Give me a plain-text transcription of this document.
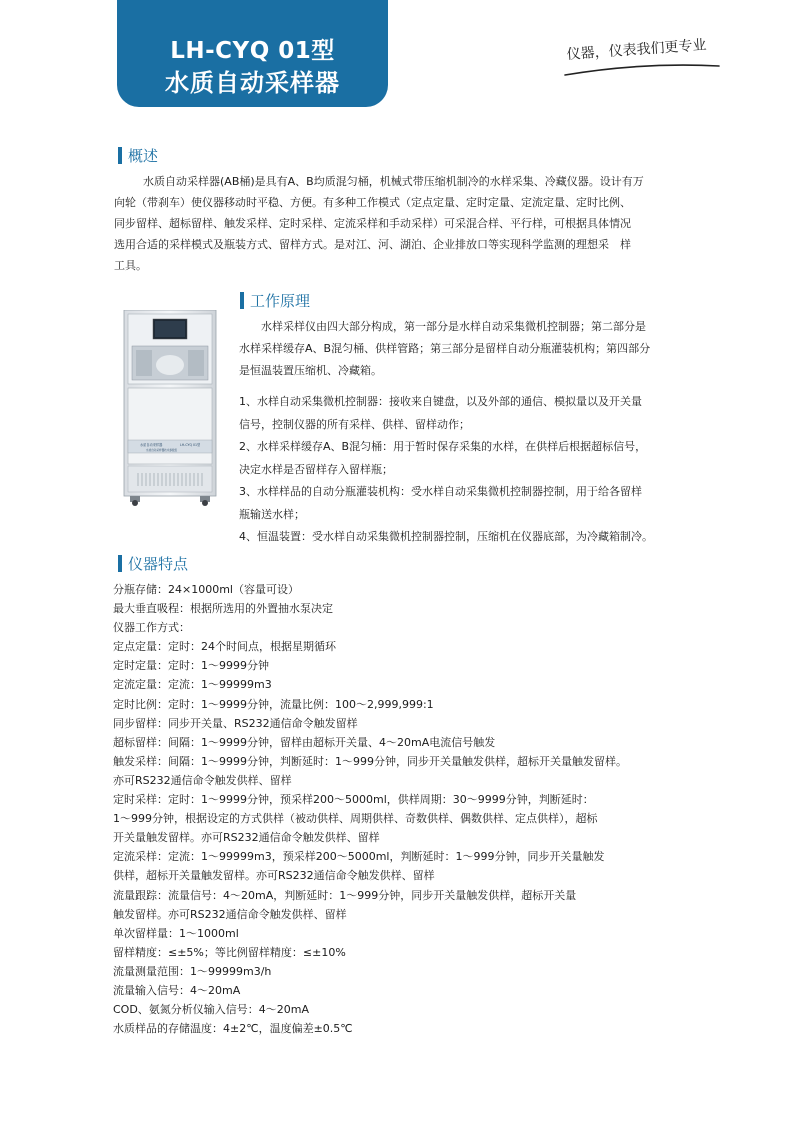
LH-CYQ 01型
水质自动采样器
仪器，仪表我们更专业
概述

水质自动采样器(AB桶)是具有A、B均质混匀桶，机械式带压缩机制冷的水样采集、冷藏仪器。设计有万
向轮（带刹车）使仪器移动时平稳、方便。有多种工作模式（定点定量、定时定量、定流定量、定时比例、
同步留样、超标留样、触发采样、定时采样、定流采样和手动采样）可采混合样、平行样，可根据具体情况
选用合适的采样模式及瓶装方式、留样方式。是对江、河、湖泊、企业排放口等实现科学监测的理想采　样
工具。

水质自动采样器	LH-CYQ 01型
水质自动采样器技术参数表
工作原理

水样采样仪由四大部分构成，第一部分是水样自动采集微机控制器；第二部分是
水样采样缓存A、B混匀桶、供样管路；第三部分是留样自动分瓶灌装机构；第四部分
是恒温装置压缩机、冷藏箱。

1、水样自动采集微机控制器：接收来自键盘，以及外部的通信、模拟量以及开关量
信号，控制仪器的所有采样、供样、留样动作；
2、水样采样缓存A、B混匀桶：用于暂时保存采集的水样，在供样后根据超标信号，
决定水样是否留样存入留样瓶；
3、水样样品的自动分瓶灌装机构：受水样自动采集微机控制器控制，用于给各留样
瓶输送水样；
4、恒温装置：受水样自动采集微机控制器控制，压缩机在仪器底部，为冷藏箱制冷。

仪器特点
分瓶存储：24×1000ml（容量可设）
最大垂直吸程：根据所选用的外置抽水泵决定
仪器工作方式：
定点定量：定时：24个时间点，根据星期循环
定时定量：定时：1～9999分钟
定流定量：定流：1～99999m3
定时比例：定时：1～9999分钟，流量比例：100～2,999,999:1
同步留样：同步开关量、RS232通信命令触发留样
超标留样：间隔：1～9999分钟，留样由超标开关量、4～20mA电流信号触发
触发采样：间隔：1～9999分钟，判断延时：1～999分钟，同步开关量触发供样，超标开关量触发留样。
亦可RS232通信命令触发供样、留样
定时采样：定时：1～9999分钟，预采样200～5000ml，供样周期：30～9999分钟，判断延时：
1～999分钟，根据设定的方式供样（被动供样、周期供样、奇数供样、偶数供样、定点供样），超标
开关量触发留样。亦可RS232通信命令触发供样、留样
定流采样：定流：1～99999m3，预采样200～5000ml，判断延时：1～999分钟，同步开关量触发
供样，超标开关量触发留样。亦可RS232通信命令触发供样、留样
流量跟踪：流量信号：4～20mA，判断延时：1～999分钟，同步开关量触发供样，超标开关量
触发留样。亦可RS232通信命令触发供样、留样
单次留样量：1～1000ml
留样精度：≤±5%；等比例留样精度：≤±10%
流量测量范围：1～99999m3/h
流量输入信号：4～20mA
COD、氨氮分析仪输入信号：4～20mA
水质样品的存储温度：4±2℃，温度偏差±0.5℃
